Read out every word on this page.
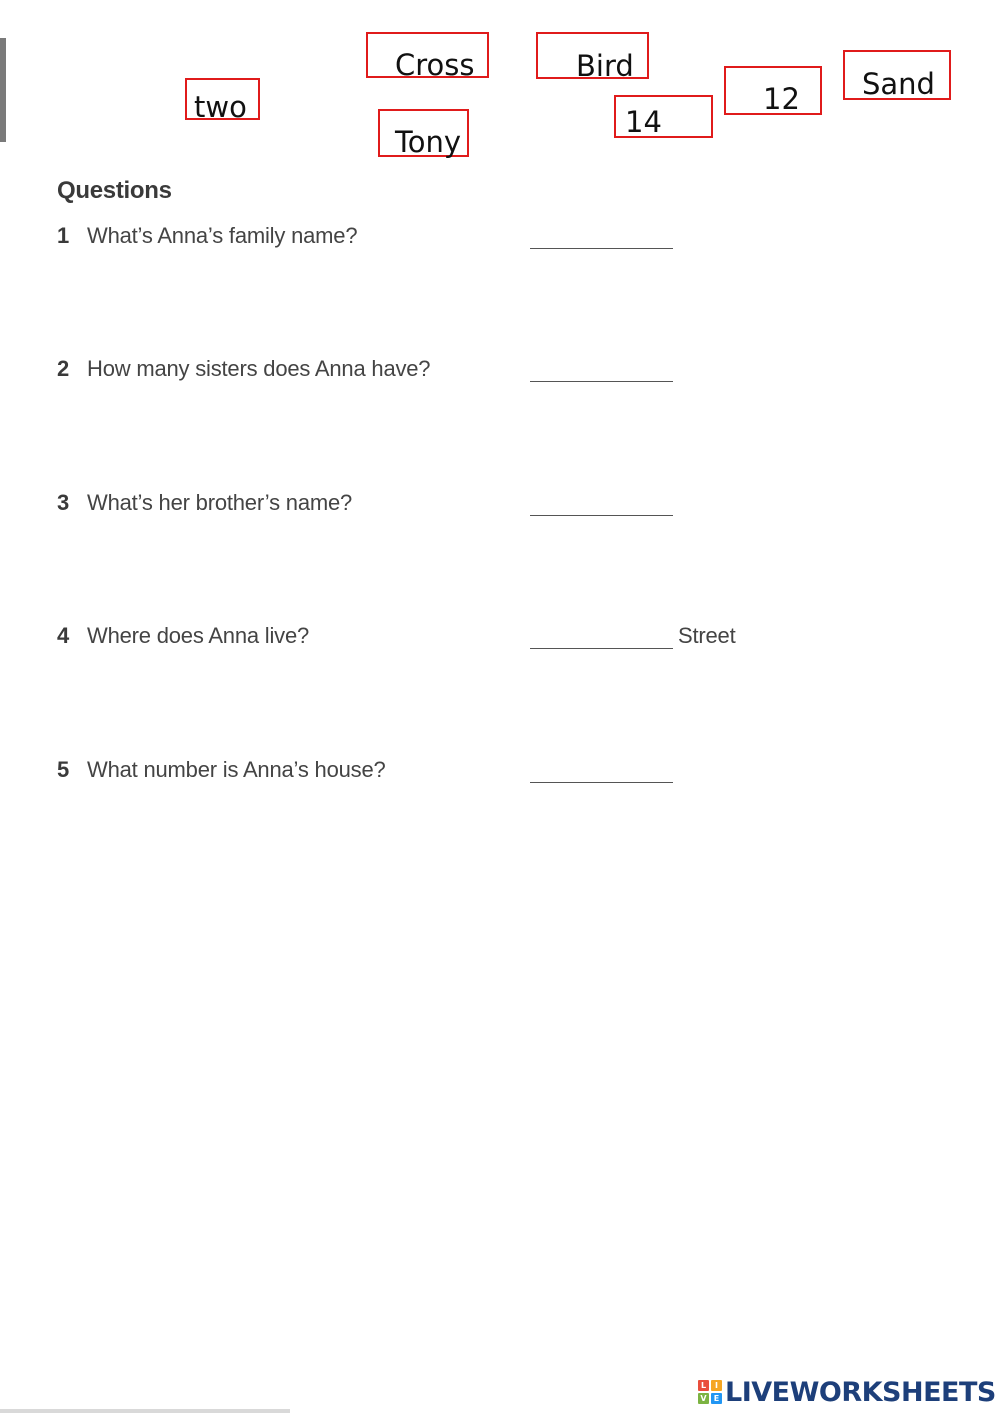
two
Cross
Tony
Bird
14
12 Sand
Questions
1 What’s Anna’s family name?
2 How many sisters does Anna have?
3 What’s her brother’s name?
4 Where does Anna live?	Street
5 What number is Anna’s house?
L	I
V E LIVEWORKSHEETS
